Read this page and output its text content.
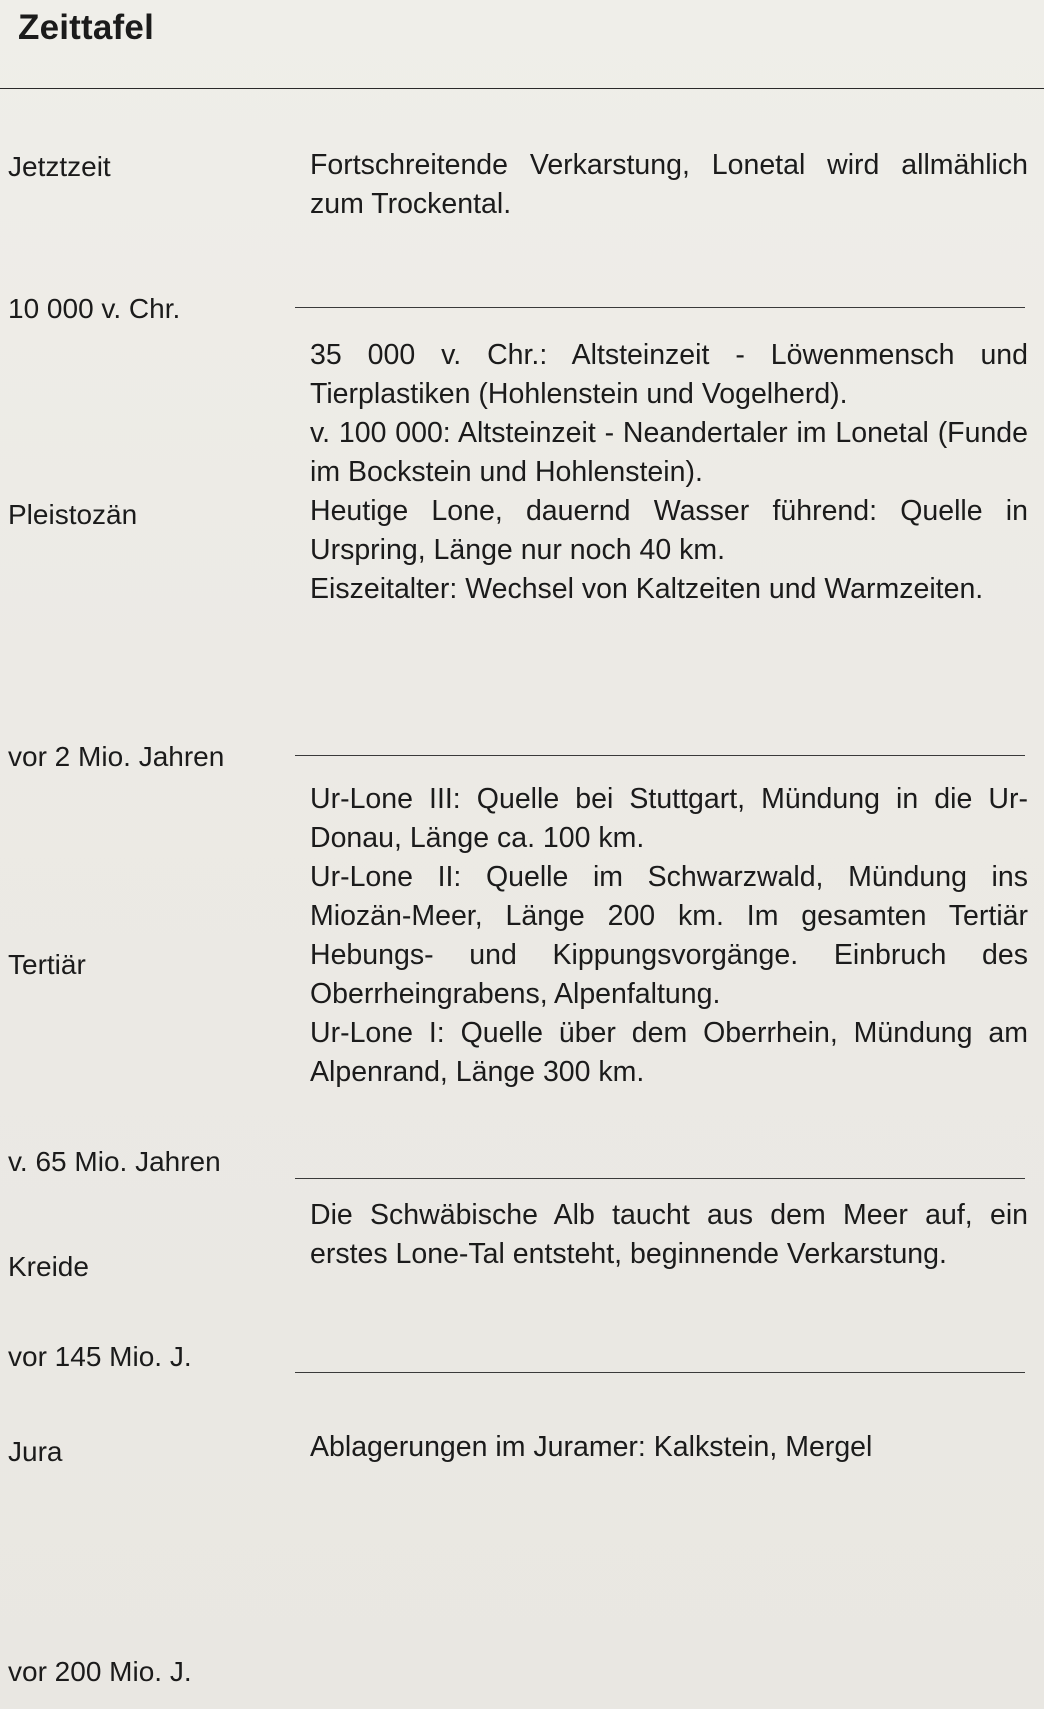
Zeittafel
Jetztzeit	Fortschreitende Verkarstung, Lonetal wird allmählich zum Trockental.

10 000 v. Chr.
Pleistozän

35 000 v. Chr.: Altsteinzeit - Löwenmensch und Tierplastiken (Hohlenstein und Vogelherd).

v. 100 000: Altsteinzeit - Neandertaler im Lonetal (Funde im Bockstein und Hohlenstein).

Heutige Lone, dauernd Wasser führend: Quelle in Urspring, Länge nur noch 40 km.

Eiszeitalter: Wechsel von Kaltzeiten und Warmzeiten.

vor 2 Mio. Jahren
Tertiär

Ur-Lone III: Quelle bei Stuttgart, Mündung in die Ur-Donau, Länge ca. 100 km.

Ur-Lone II: Quelle im Schwarzwald, Mündung ins Miozän-Meer, Länge 200 km. Im gesamten Tertiär Hebungs- und Kippungsvorgänge. Einbruch des Oberrheingrabens, Alpenfaltung.

Ur-Lone I: Quelle über dem Oberrhein, Mündung am Alpenrand, Länge 300 km.

v. 65 Mio. Jahren
Kreide

Die Schwäbische Alb taucht aus dem Meer auf, ein erstes Lone-Tal entsteht, beginnende Verkarstung.

vor 145 Mio. J.
Jura	Ablagerungen im Juramer: Kalkstein, Mergel

vor 200 Mio. J.
